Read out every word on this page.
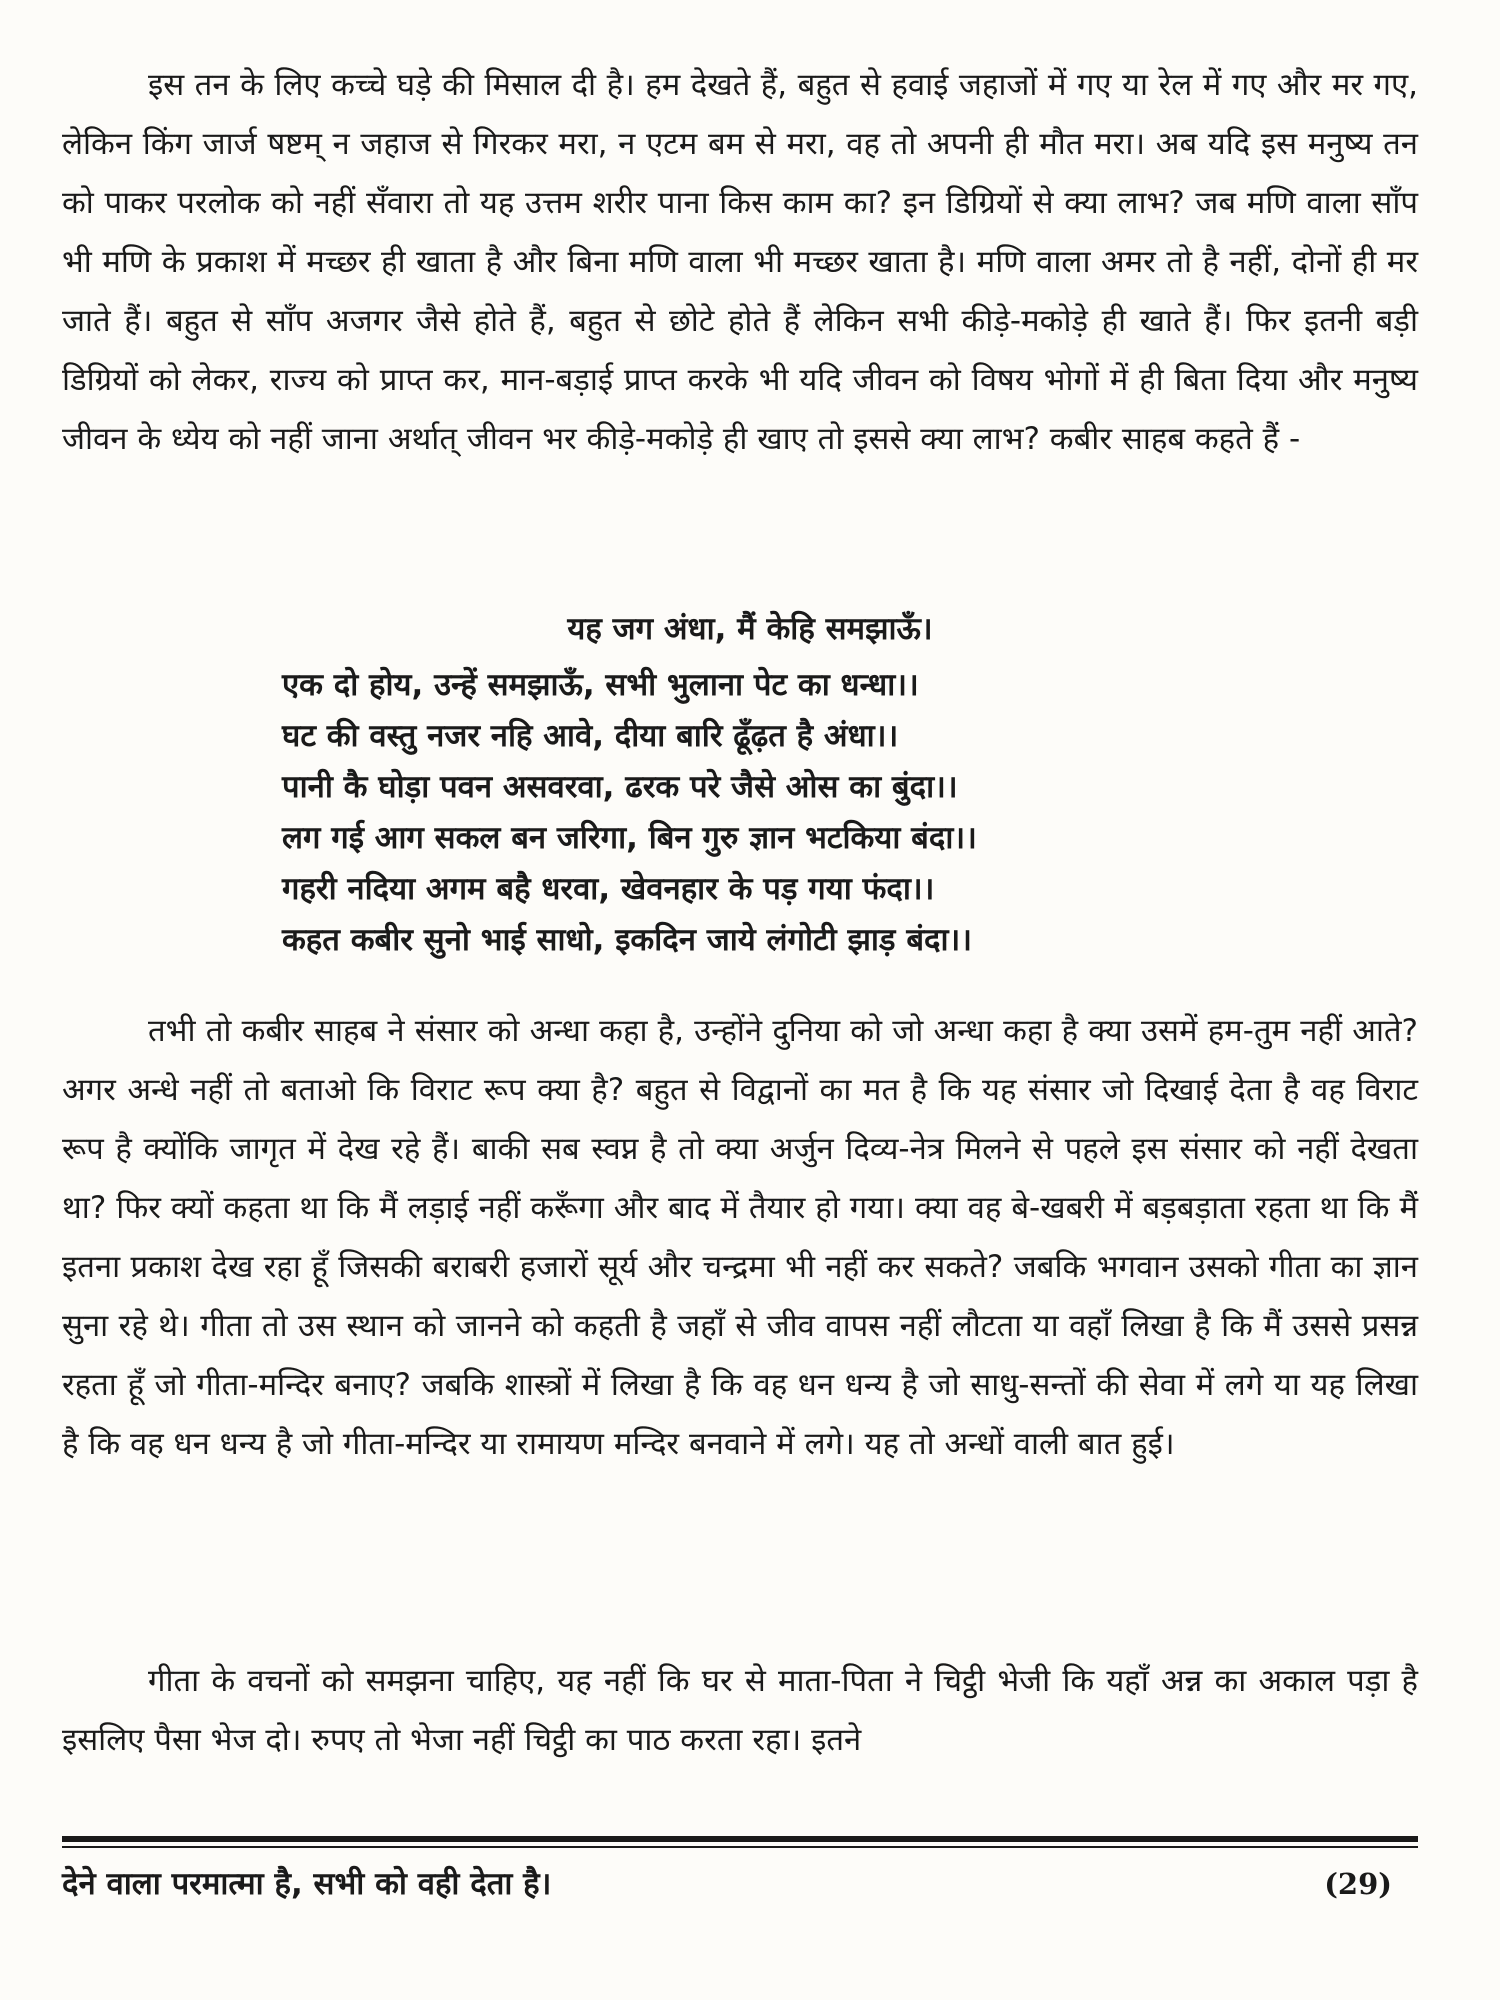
इस तन के लिए कच्चे घड़े की मिसाल दी है। हम देखते हैं, बहुत से हवाई जहाजों में गए या रेल में गए और मर गए, लेकिन किंग जार्ज षष्टम् न जहाज से गिरकर मरा, न एटम बम से मरा, वह तो अपनी ही मौत मरा। अब यदि इस मनुष्य तन को पाकर परलोक को नहीं सँवारा तो यह उत्तम शरीर पाना किस काम का? इन डिग्रियों से क्या लाभ? जब मणि वाला साँप भी मणि के प्रकाश में मच्छर ही खाता है और बिना मणि वाला भी मच्छर खाता है। मणि वाला अमर तो है नहीं, दोनों ही मर जाते हैं। बहुत से साँप अजगर जैसे होते हैं, बहुत से छोटे होते हैं लेकिन सभी कीड़े-मकोड़े ही खाते हैं। फिर इतनी बड़ी डिग्रियों को लेकर, राज्य को प्राप्त कर, मान-बड़ाई प्राप्त करके भी यदि जीवन को विषय भोगों में ही बिता दिया और मनुष्य जीवन के ध्येय को नहीं जाना अर्थात् जीवन भर कीड़े-मकोड़े ही खाए तो इससे क्या लाभ? कबीर साहब कहते हैं -

यह जग अंधा, मैं केहि समझाऊँ।

एक दो होय, उन्हें समझाऊँ, सभी भुलाना पेट का धन्धा।।
घट की वस्तु नजर नहि आवे, दीया बारि ढूँढ़त है अंधा।।
पानी कै घोड़ा पवन असवरवा, ढरक परे जैसे ओस का बुंदा।।
लग गई आग सकल बन जरिगा, बिन गुरु ज्ञान भटकिया बंदा।।
गहरी नदिया अगम बहै धरवा, खेवनहार के पड़ गया फंदा।।
कहत कबीर सुनो भाई साधो, इकदिन जाये लंगोटी झाड़ बंदा।।

तभी तो कबीर साहब ने संसार को अन्धा कहा है, उन्होंने दुनिया को जो अन्धा कहा है क्या उसमें हम-तुम नहीं आते? अगर अन्धे नहीं तो बताओ कि विराट रूप क्या है? बहुत से विद्वानों का मत है कि यह संसार जो दिखाई देता है वह विराट रूप है क्योंकि जागृत में देख रहे हैं। बाकी सब स्वप्न है तो क्या अर्जुन दिव्य-नेत्र मिलने से पहले इस संसार को नहीं देखता था? फिर क्यों कहता था कि मैं लड़ाई नहीं करूँगा और बाद में तैयार हो गया। क्या वह बे-खबरी में बड़बड़ाता रहता था कि मैं इतना प्रकाश देख रहा हूँ जिसकी बराबरी हजारों सूर्य और चन्द्रमा भी नहीं कर सकते? जबकि भगवान उसको गीता का ज्ञान सुना रहे थे। गीता तो उस स्थान को जानने को कहती है जहाँ से जीव वापस नहीं लौटता या वहाँ लिखा है कि मैं उससे प्रसन्न रहता हूँ जो गीता-मन्दिर बनाए? जबकि शास्त्रों में लिखा है कि वह धन धन्य है जो साधु-सन्तों की सेवा में लगे या यह लिखा है कि वह धन धन्य है जो गीता-मन्दिर या रामायण मन्दिर बनवाने में लगे। यह तो अन्धों वाली बात हुई।

गीता के वचनों को समझना चाहिए, यह नहीं कि घर से माता-पिता ने चिट्ठी भेजी कि यहाँ अन्न का अकाल पड़ा है इसलिए पैसा भेज दो। रुपए तो भेजा नहीं चिट्ठी का पाठ करता रहा। इतने

देने वाला परमात्मा है, सभी को वही देता है।	(29)
